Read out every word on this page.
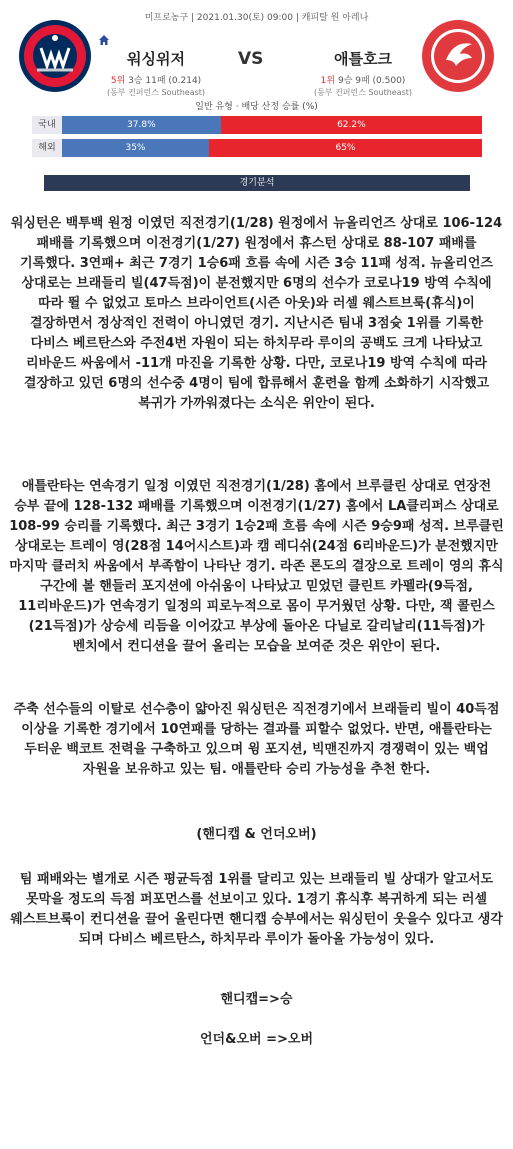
미프로농구 | 2021.01.30(토) 09:00 | 캐피탈 원 아레나
워싱위저
5위 3승 11패 (0.214)
(동부 컨퍼런스 Southeast)
VS	애틀호크
1위 9승 9패 (0.500)
(동부 컨퍼런스 Southeast)
일반 유형 · 배당 산정 승률 (%)
국내	37.8%	62.2%
해외	35%	65%
경기분석

워싱턴은 백투백 원정 이였던 직전경기(1/28) 원정에서 뉴올리언즈 상대로 106-124 패배를 기록했으며 이전경기(1/27) 원정에서 휴스턴 상대로 88-107 패배를 기록했다. 3연패+ 최근 7경기 1승6패 흐름 속에 시즌 3승 11패 성적. 뉴올리언즈 상대로는 브래들리 빌(47득점)이 분전했지만 6명의 선수가 코로나19 방역 수칙에 따라 뛸 수 없었고 토마스 브라이언트(시즌 아웃)와 러셀 웨스트브룩(휴식)이 결장하면서 정상적인 전력이 아니였던 경기. 지난시즌 팀내 3점슛 1위를 기록한 다비스 베르탄스와 주전4번 자원이 되는 하치무라 루이의 공백도 크게 나타났고 리바운드 싸움에서 -11개 마진을 기록한 상황. 다만, 코로나19 방역 수칙에 따라 결장하고 있던 6명의 선수중 4명이 팀에 합류해서 훈련을 함께 소화하기 시작했고 복귀가 가까워졌다는 소식은 위안이 된다.

애틀란타는 연속경기 일정 이였던 직전경기(1/28) 홈에서 브루클린 상대로 연장전 승부 끝에 128-132 패배를 기록했으며 이전경기(1/27) 홈에서 LA클리퍼스 상대로 108-99 승리를 기록했다. 최근 3경기 1승2패 흐름 속에 시즌 9승9패 성적. 브루클린 상대로는 트레이 영(28점 14어시스트)과 캠 레디쉬(24점 6리바운드)가 분전했지만 마지막 클러치 싸움에서 부족함이 나타난 경기. 라존 론도의 결장으로 트레이 영의 휴식 구간에 볼 핸들러 포지션에 아쉬움이 나타났고 믿었던 클린트 카펠라(9득점, 11리바운드)가 연속경기 일정의 피로누적으로 몸이 무거웠던 상황. 다만, 잭 콜린스(21득점)가 상승세 리듬을 이어갔고 부상에 돌아온 다닐로 갈리날리(11득점)가 벤치에서 컨디션을 끌어 올리는 모습을 보여준 것은 위안이 된다.

주축 선수들의 이탈로 선수층이 얇아진 워싱턴은 직전경기에서 브래들리 빌이 40득점 이상을 기록한 경기에서 10연패를 당하는 결과를 피할수 없었다. 반면, 애틀란타는 두터운 백코트 전력을 구축하고 있으며 윙 포지션, 빅맨진까지 경쟁력이 있는 백업 자원을 보유하고 있는 팀. 애틀란타 승리 가능성을 추천 한다.

(핸디캡 & 언더오버)

팀 패배와는 별개로 시즌 평균득점 1위를 달리고 있는 브래들리 빌 상대가 알고서도 못막을 정도의 득점 퍼포먼스를 선보이고 있다. 1경기 휴식후 복귀하게 되는 러셀 웨스트브룩이 컨디션을 끌어 올린다면 핸디캡 승부에서는 워싱턴이 웃을수 있다고 생각 되며 다비스 베르탄스, 하치무라 루이가 돌아올 가능성이 있다.

핸디캡=>승

언더&오버 =>오버
